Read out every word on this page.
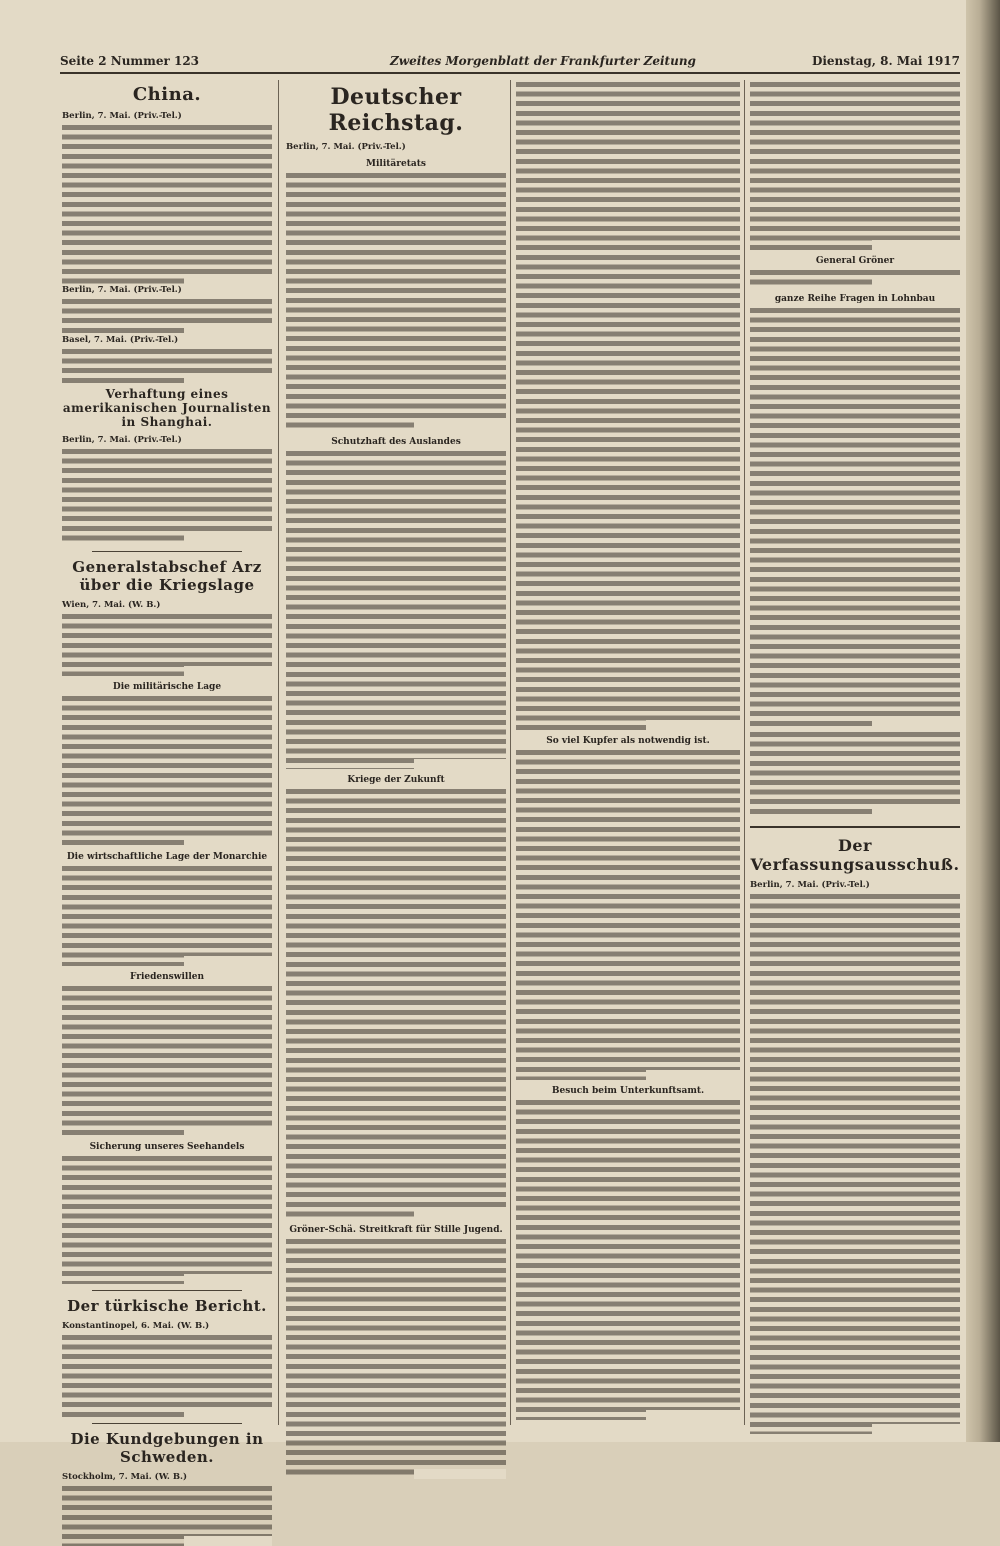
Seite 2 Nummer 123	Zweites Morgenblatt der Frankfurter Zeitung	Dienstag, 8. Mai 1917
China.
Berlin, 7. Mai. (Priv.-Tel.)
Berlin, 7. Mai. (Priv.-Tel.)
Basel, 7. Mai. (Priv.-Tel.)
Verhaftung eines amerikanischen Journalisten in Shanghai.
Berlin, 7. Mai. (Priv.-Tel.)
Generalstabschef Arz über die Kriegslage
Wien, 7. Mai. (W. B.)
Die militärische Lage
Die wirtschaftliche Lage der Monarchie
Friedenswillen
Sicherung unseres Seehandels
Der türkische Bericht.
Konstantinopel, 6. Mai. (W. B.)
Die Kundgebungen in Schweden.
Stockholm, 7. Mai. (W. B.)
Deutscher Reichstag.
Berlin, 7. Mai. (Priv.-Tel.)
Militäretats
Schutzhaft des Auslandes
Kriege der Zukunft
Gröner-Schä. Streitkraft für Stille Jugend.
So viel Kupfer als notwendig ist.
Besuch beim Unterkunftsamt.
General Gröner
ganze Reihe Fragen in Lohnbau
Der Verfassungsausschuß.
Berlin, 7. Mai. (Priv.-Tel.)
